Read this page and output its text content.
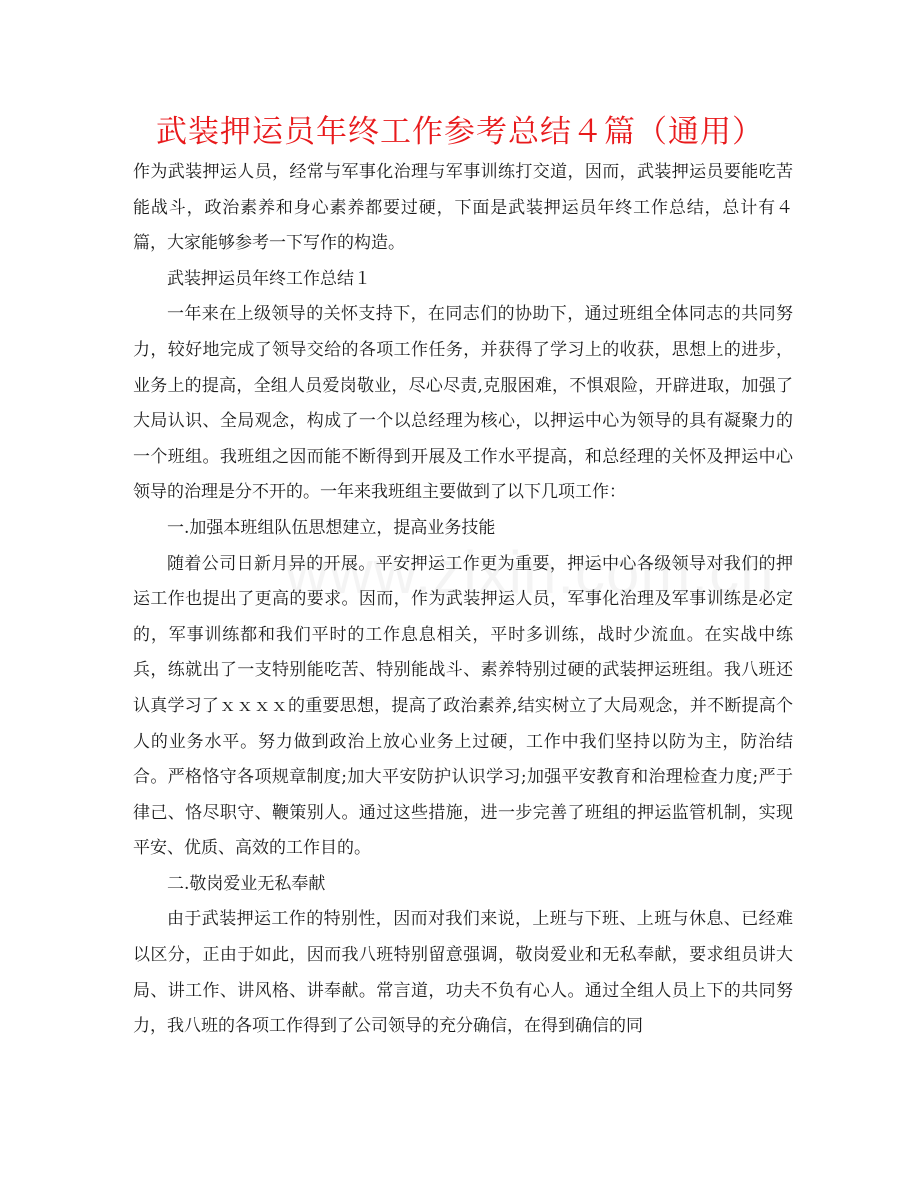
武装押运员年终工作参考总结４篇（通用）

作为武装押运人员，经常与军事化治理与军事训练打交道，因而，武装押运员要能吃苦能战斗，政治素养和身心素养都要过硬，下面是武装押运员年终工作总结，总计有４篇，大家能够参考一下写作的构造。

武装押运员年终工作总结１

一年来在上级领导的关怀支持下，在同志们的协助下，通过班组全体同志的共同努力，较好地完成了领导交给的各项工作任务，并获得了学习上的收获，思想上的进步，业务上的提高，全组人员爱岗敬业，尽心尽责,克服困难，不惧艰险，开辟进取，加强了大局认识、全局观念，构成了一个以总经理为核心，以押运中心为领导的具有凝聚力的一个班组。我班组之因而能不断得到开展及工作水平提高，和总经理的关怀及押运中心领导的治理是分不开的。一年来我班组主要做到了以下几项工作：

一.加强本班组队伍思想建立，提高业务技能

随着公司日新月异的开展。平安押运工作更为重要，押运中心各级领导对我们的押运工作也提出了更高的要求。因而，作为武装押运人员，军事化治理及军事训练是必定的，军事训练都和我们平时的工作息息相关，平时多训练，战时少流血。在实战中练兵，练就出了一支特别能吃苦、特别能战斗、素养特别过硬的武装押运班组。我八班还认真学习了ｘｘｘｘ的重要思想，提高了政治素养,结实树立了大局观念，并不断提高个人的业务水平。努力做到政治上放心业务上过硬，工作中我们坚持以防为主，防治结合。严格恪守各项规章制度;加大平安防护认识学习;加强平安教育和治理检查力度;严于律己、恪尽职守、鞭策别人。通过这些措施，进一步完善了班组的押运监管机制，实现平安、优质、高效的工作目的。

二.敬岗爱业无私奉献

由于武装押运工作的特别性，因而对我们来说，上班与下班、上班与休息、已经难以区分，正由于如此，因而我八班特别留意强调，敬岗爱业和无私奉献，要求组员讲大局、讲工作、讲风格、讲奉献。常言道，功夫不负有心人。通过全组人员上下的共同努力，我八班的各项工作得到了公司领导的充分确信，在得到确信的同
